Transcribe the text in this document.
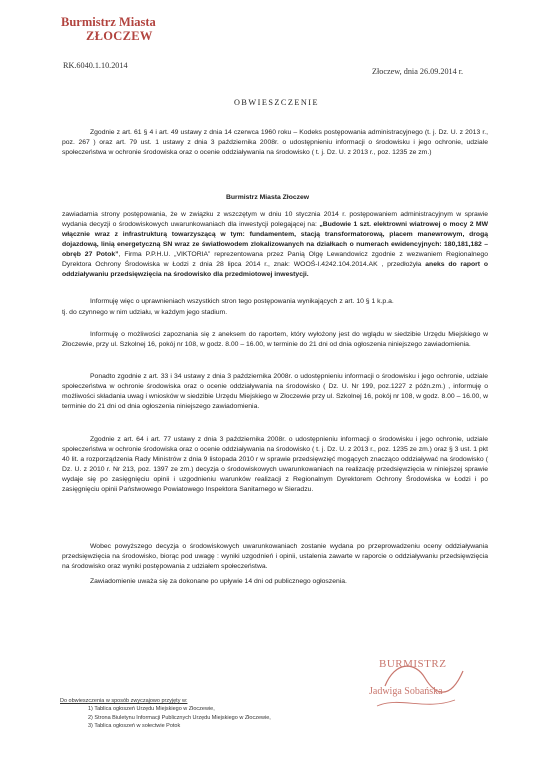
Burmistrz Miasta
ZŁOCZEW
RK.6040.1.10.2014
Złoczew, dnia 26.09.2014 r.
OBWIESZCZENIE
Zgodnie z art. 61 § 4 i art. 49 ustawy z dnia 14 czerwca 1960 roku – Kodeks postępowania administracyjnego (t. j. Dz. U. z 2013 r., poz. 267 ) oraz art. 79 ust. 1 ustawy z dnia 3 października 2008r. o udostępnieniu informacji o środowisku i jego ochronie, udziale społeczeństwa w ochronie środowiska oraz o ocenie oddziaływania na środowisko ( t. j. Dz. U. z 2013 r., poz. 1235 ze zm.)
Burmistrz Miasta Złoczew
zawiadamia strony postępowania, że w związku z wszczętym w dniu 10 stycznia 2014 r. postępowaniem administracyjnym w sprawie wydania decyzji o środowiskowych uwarunkowaniach dla inwestycji polegającej na: „Budowie 1 szt. elektrowni wiatrowej o mocy 2 MW włącznie wraz z infrastrukturą towarzyszącą w tym: fundamentem, stacją transformatorową, placem manewrowym, drogą dojazdową, linią energetyczną SN wraz ze światłowodem zlokalizowanych na działkach o numerach ewidencyjnych: 180,181,182 – obręb 27 Potok”, Firma P.P.H.U. „VIKTORIA” reprezentowana przez Panią Olgę Lewandowicz zgodnie z wezwaniem Regionalnego Dyrektora Ochrony Środowiska w Łodzi z dnia 28 lipca 2014 r., znak: WOOŚ-I.4242.104.2014.AK , przedłożyła aneks do raport o oddziaływaniu przedsięwzięcia na środowisko dla przedmiotowej inwestycji.
Informuję więc o uprawnieniach wszystkich stron tego postępowania wynikających z art. 10 § 1 k.p.a.
tj. do czynnego w nim udziału, w każdym jego stadium.
Informuję o możliwości zapoznania się z aneksem do raportem, który wyłożony jest do wglądu w siedzibie Urzędu Miejskiego w Złoczewie, przy ul. Szkolnej 16, pokój nr 108, w godz. 8.00 – 16.00, w terminie do 21 dni od dnia ogłoszenia niniejszego zawiadomienia.
Ponadto zgodnie z art. 33 i 34 ustawy z dnia 3 października 2008r. o udostępnieniu informacji o środowisku i jego ochronie, udziale społeczeństwa w ochronie środowiska oraz o ocenie oddziaływania na środowisko ( Dz. U. Nr 199, poz.1227 z późn.zm.) , informuję o możliwości składania uwag i wniosków w siedzibie Urzędu Miejskiego w Złoczewie przy ul. Szkolnej 16, pokój nr 108, w godz. 8.00 – 16.00, w terminie do 21 dni od dnia ogłoszenia niniejszego zawiadomienia.
Zgodnie z art. 64 i art. 77 ustawy z dnia 3 października 2008r. o udostępnieniu informacji o środowisku i jego ochronie, udziale społeczeństwa w ochronie środowiska oraz o ocenie oddziaływania na środowisko ( t. j. Dz. U. z 2013 r., poz. 1235 ze zm.) oraz § 3 ust. 1 pkt 40 lit. a rozporządzenia Rady Ministrów z dnia 9 listopada 2010 r w sprawie przedsięwzięć mogących znacząco oddziaływać na środowisko ( Dz. U. z 2010 r. Nr 213, poz. 1397 ze zm.) decyzja o środowiskowych uwarunkowaniach na realizację przedsięwzięcia w niniejszej sprawie wydaje się po zasięgnięciu opinii i uzgodnieniu warunków realizacji z Regionalnym Dyrektorem Ochrony Środowiska w Łodzi i po zasięgnięciu opinii Państwowego Powiatowego Inspektora Sanitarnego w Sieradzu.
Wobec powyższego decyzja o środowiskowych uwarunkowaniach zostanie wydana po przeprowadzeniu oceny oddziaływania przedsięwzięcia na środowisko, biorąc pod uwagę : wyniki uzgodnień i opinii, ustalenia zawarte w raporcie o oddziaływaniu przedsięwzięcia na środowisko oraz wyniki postępowania z udziałem społeczeństwa.
Zawiadomienie uważa się za dokonane po upływie 14 dni od publicznego ogłoszenia.
BURMISTRZ
Jadwiga Sobańska
Do obwieszczenia w sposób zwyczajowo przyjęty w:
1) Tablica ogłoszeń Urzędu Miejskiego w Złoczewie,
2) Strona Biuletynu Informacji Publicznych Urzędu Miejskiego w Złoczewie,
3) Tablica ogłoszeń w sołectwie Potok
